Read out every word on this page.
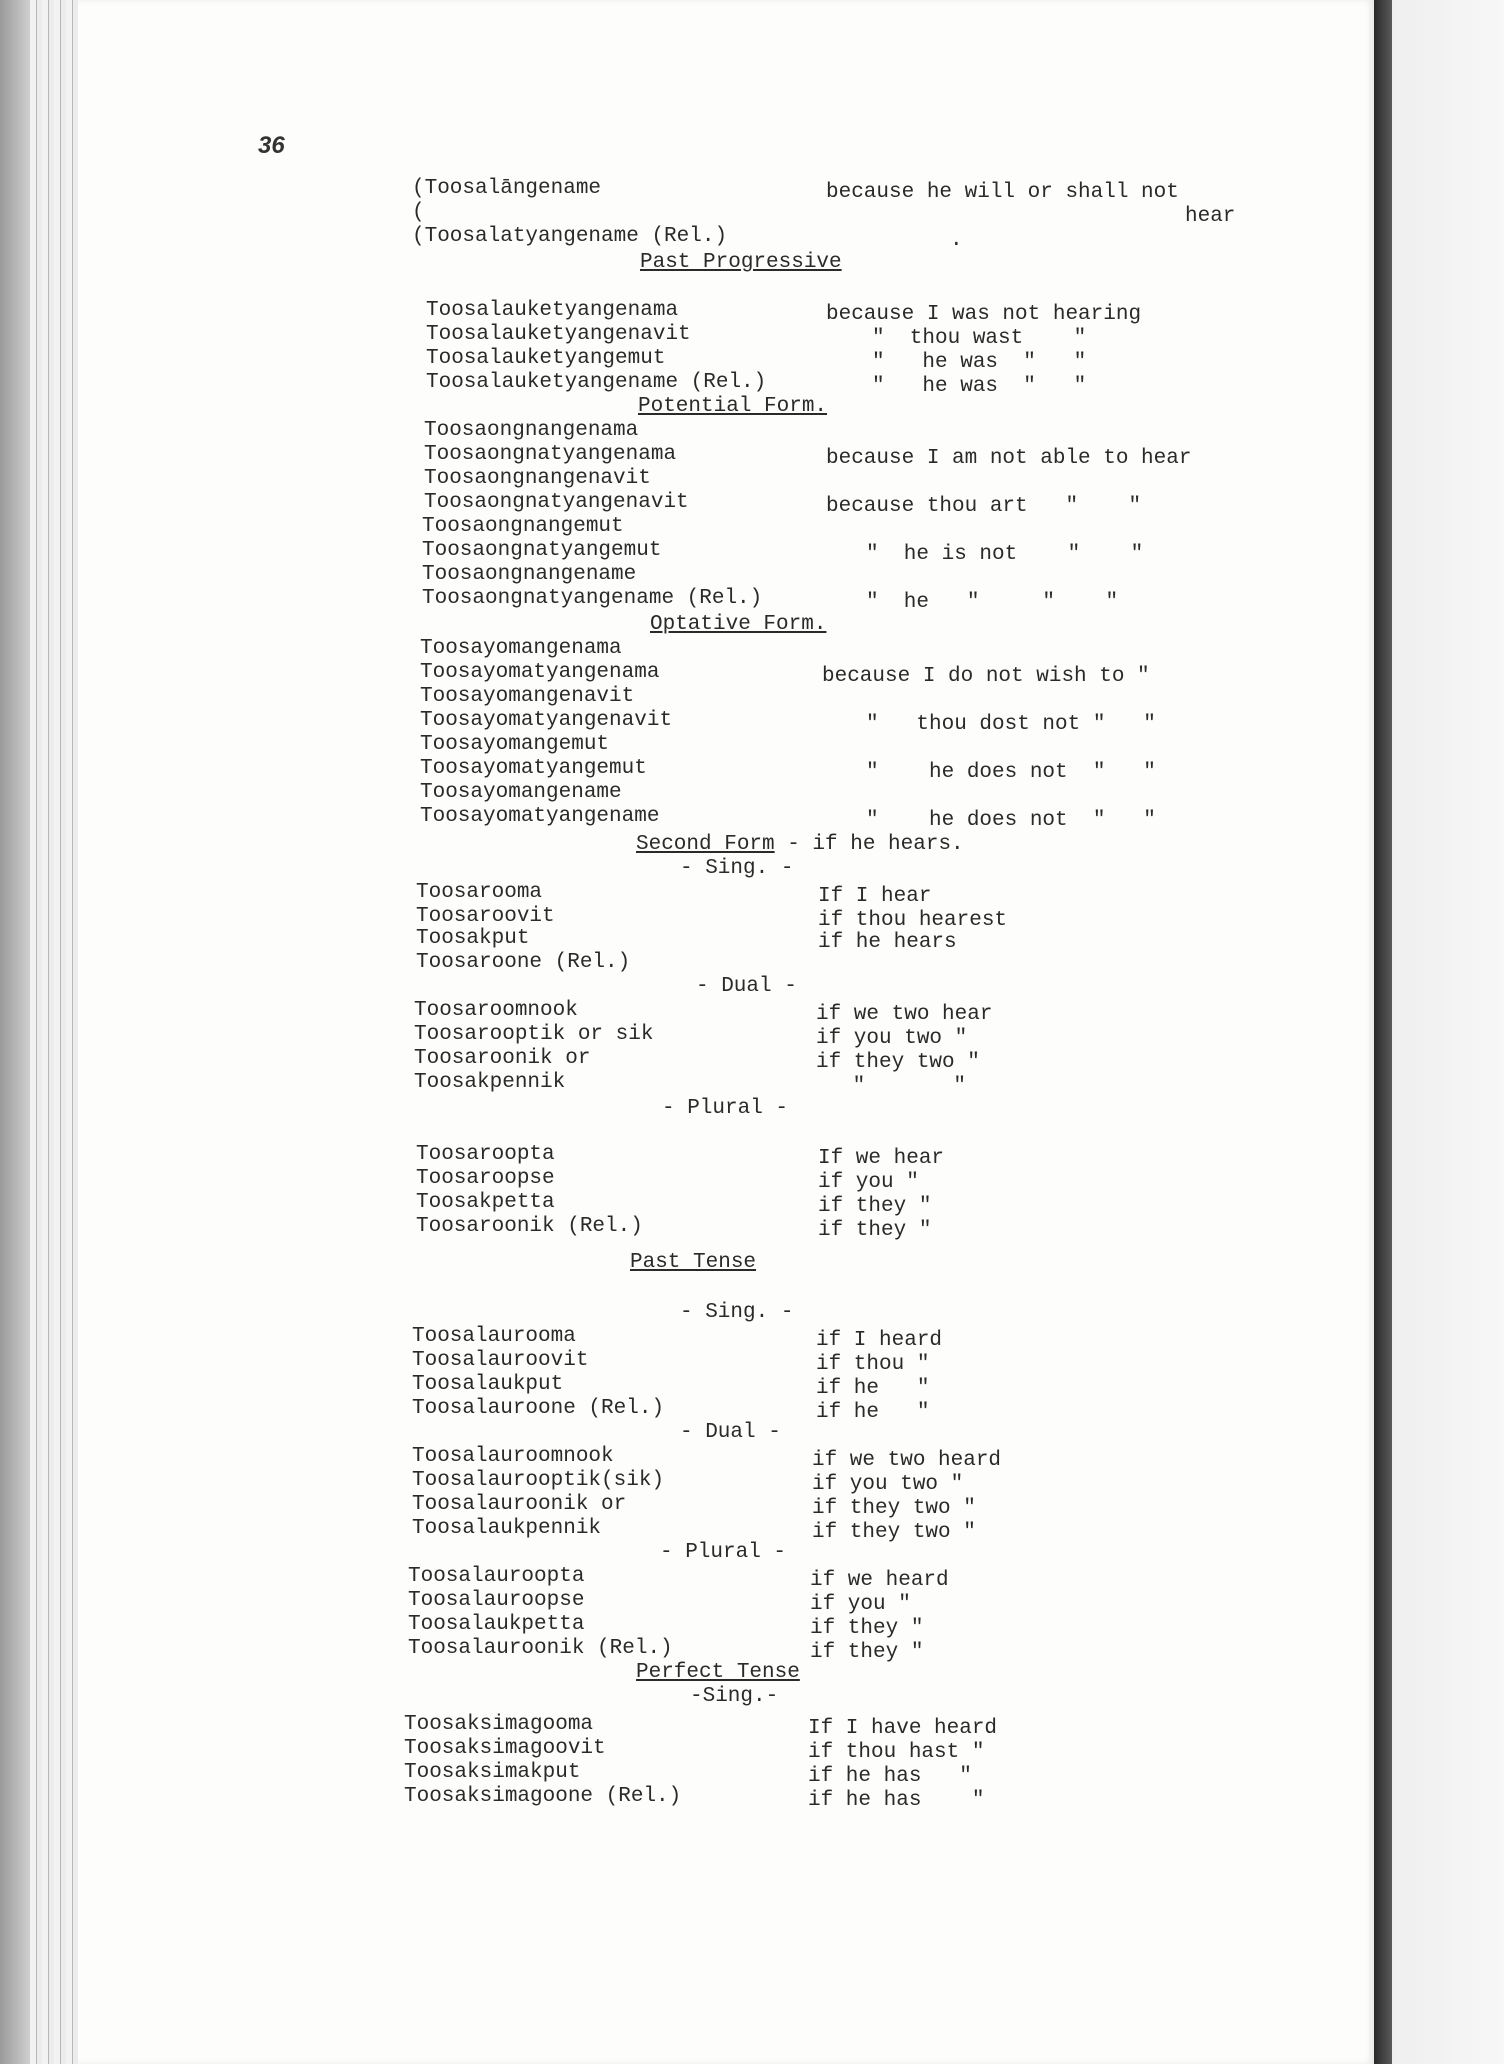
36
(Toosalāngename	because he will or shall not
(	hear
(Toosalatyangename (Rel.)	.
Past Progressive
Toosalauketyangenama	because I was not hearing
Toosalauketyangenavit	"  thou wast    "
Toosalauketyangemut	"   he was  "   "
Toosalauketyangename (Rel.)	"   he was  "   "
Potential Form.
Toosaongnangenama
Toosaongnatyangenama	because I am not able to hear
Toosaongnangenavit
Toosaongnatyangenavit	because thou art   "    "
Toosaongnangemut
Toosaongnatyangemut	"  he is not    "    "
Toosaongnangename
Toosaongnatyangename (Rel.)	"  he   "     "    "
Optative Form.
Toosayomangenama
Toosayomatyangenama	because I do not wish to "
Toosayomangenavit
Toosayomatyangenavit	"   thou dost not "   "
Toosayomangemut
Toosayomatyangemut	"    he does not  "   "
Toosayomangename
Toosayomatyangename	"    he does not  "   "
Second Form - if he hears.
- Sing. -
Toosarooma	If I hear
Toosaroovit	if thou hearest
Toosakput	if he hears
Toosaroone (Rel.)
- Dual -
Toosaroomnook	if we two hear
Toosarooptik or sik	if you two "
Toosaroonik or	if they two "
Toosakpennik	"       "
- Plural -
Toosaroopta	If we hear
Toosaroopse	if you "
Toosakpetta	if they "
Toosaroonik (Rel.)	if they "
Past Tense
- Sing. -
Toosalaurooma	if I heard
Toosalauroovit	if thou "
Toosalaukput	if he   "
Toosalauroone (Rel.)	if he   "
- Dual -
Toosalauroomnook	if we two heard
Toosalaurooptik(sik)	if you two "
Toosalauroonik or	if they two "
Toosalaukpennik	if they two "
- Plural -
Toosalauroopta	if we heard
Toosalauroopse	if you "
Toosalaukpetta	if they "
Toosalauroonik (Rel.)	if they "
Perfect Tense
-Sing.-
Toosaksimagooma	If I have heard
Toosaksimagoovit	if thou hast "
Toosaksimakput	if he has   "
Toosaksimagoone (Rel.)	if he has    "
